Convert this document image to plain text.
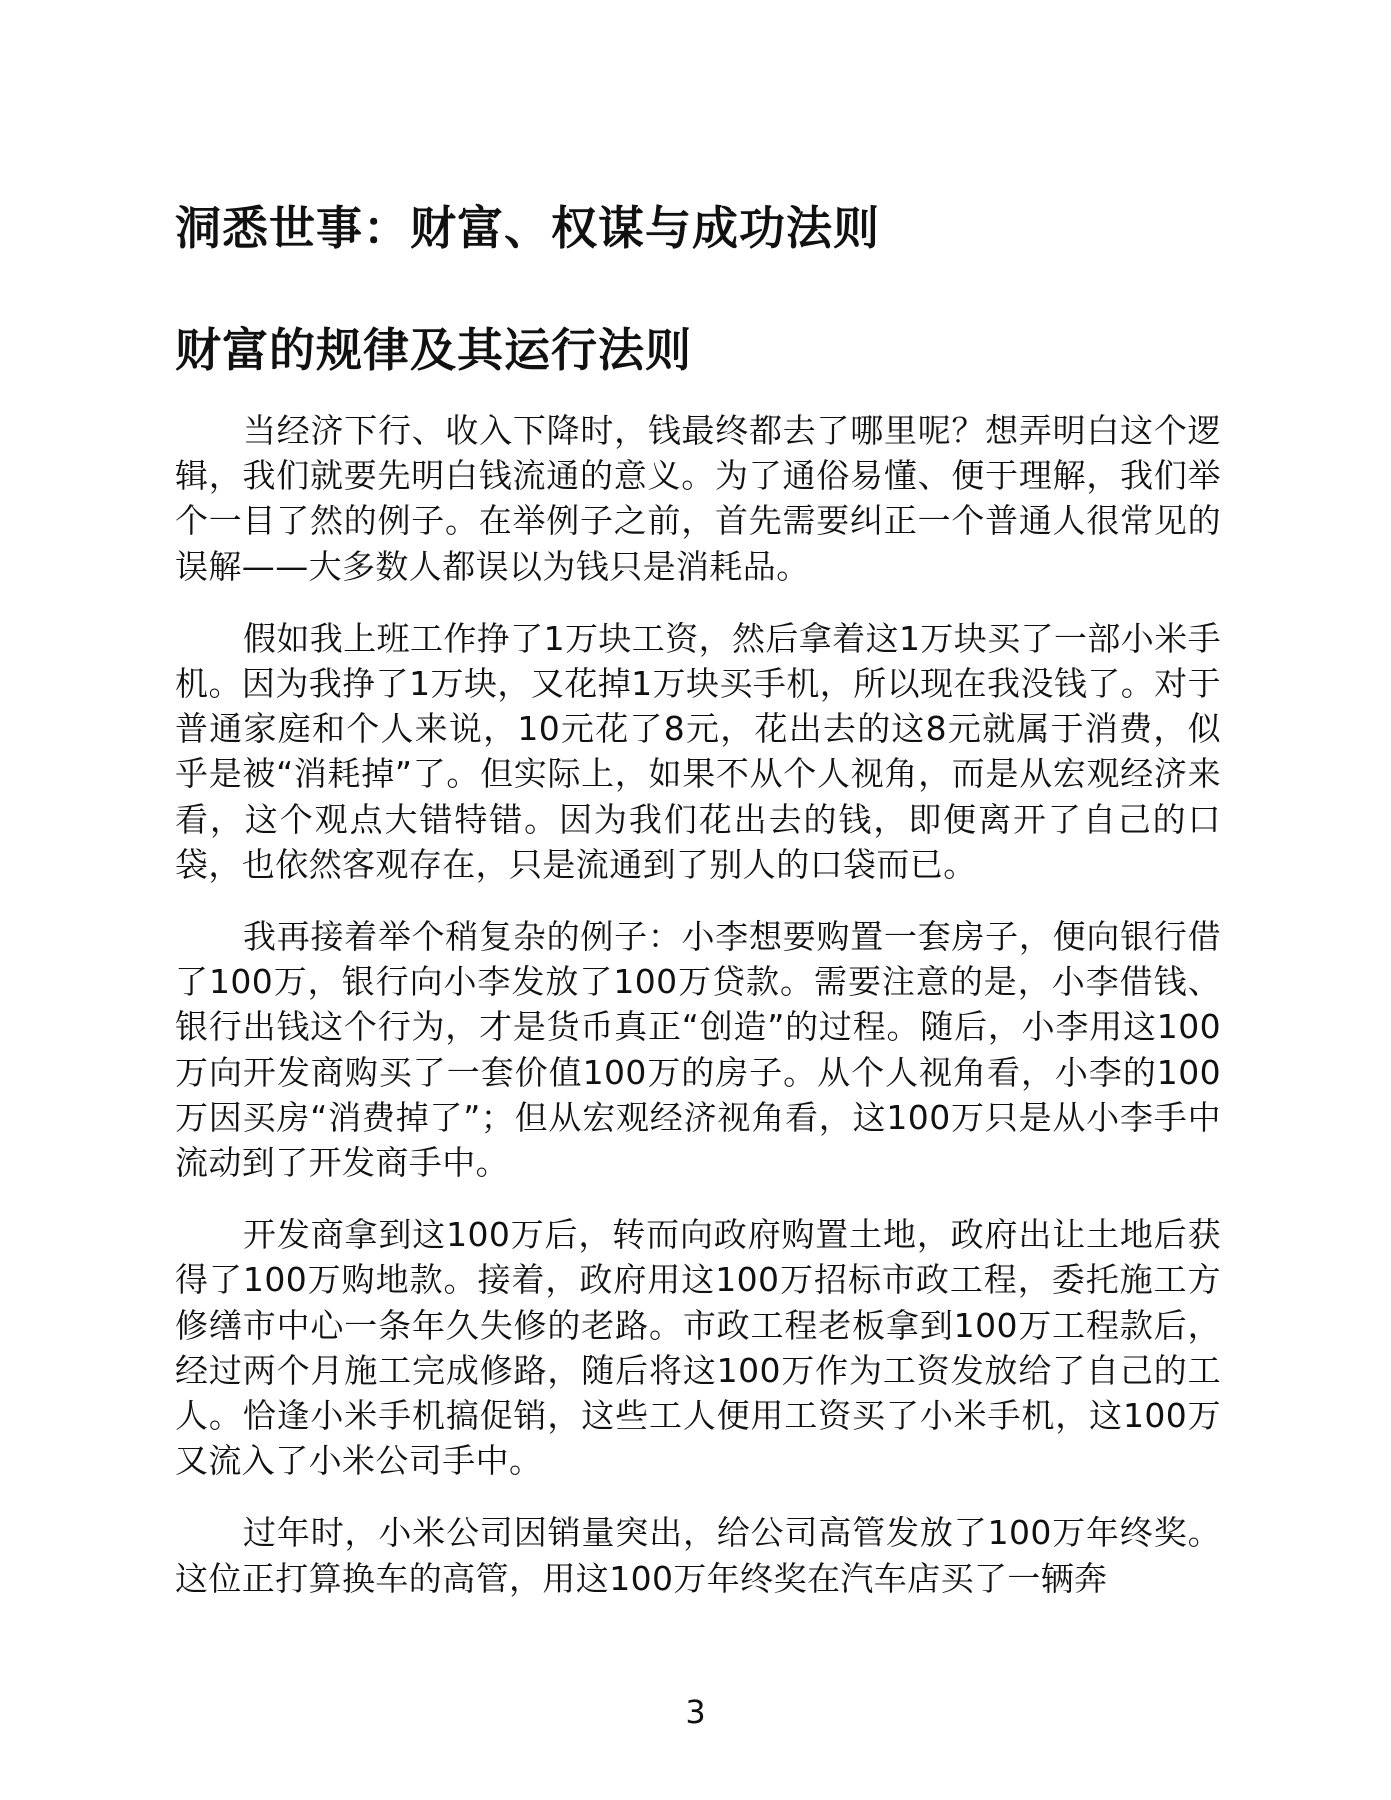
洞悉世事：财富、权谋与成功法则
财富的规律及其运行法则

当经济下行、收入下降时，钱最终都去了哪里呢？想弄明白这个逻辑，我们就要先明白钱流通的意义。为了通俗易懂、便于理解，我们举个一目了然的例子。在举例子之前，首先需要纠正一个普通人很常见的误解——大多数人都误以为钱只是消耗品。

假如我上班工作挣了1万块工资，然后拿着这1万块买了一部小米手机。因为我挣了1万块，又花掉1万块买手机，所以现在我没钱了。对于普通家庭和个人来说，10元花了8元，花出去的这8元就属于消费，似乎是被“消耗掉”了。但实际上，如果不从个人视角，而是从宏观经济来看，这个观点大错特错。因为我们花出去的钱，即便离开了自己的口袋，也依然客观存在，只是流通到了别人的口袋而已。

我再接着举个稍复杂的例子：小李想要购置一套房子，便向银行借了100万，银行向小李发放了100万贷款。需要注意的是，小李借钱、银行出钱这个行为，才是货币真正“创造”的过程。随后，小李用这100万向开发商购买了一套价值100万的房子。从个人视角看，小李的100万因买房“消费掉了”；但从宏观经济视角看，这100万只是从小李手中流动到了开发商手中。

开发商拿到这100万后，转而向政府购置土地，政府出让土地后获得了100万购地款。接着，政府用这100万招标市政工程，委托施工方修缮市中心一条年久失修的老路。市政工程老板拿到100万工程款后，经过两个月施工完成修路，随后将这100万作为工资发放给了自己的工人。恰逢小米手机搞促销，这些工人便用工资买了小米手机，这100万又流入了小米公司手中。

过年时，小米公司因销量突出，给公司高管发放了100万年终奖。这位正打算换车的高管，用这100万年终奖在汽车店买了一辆奔

3
